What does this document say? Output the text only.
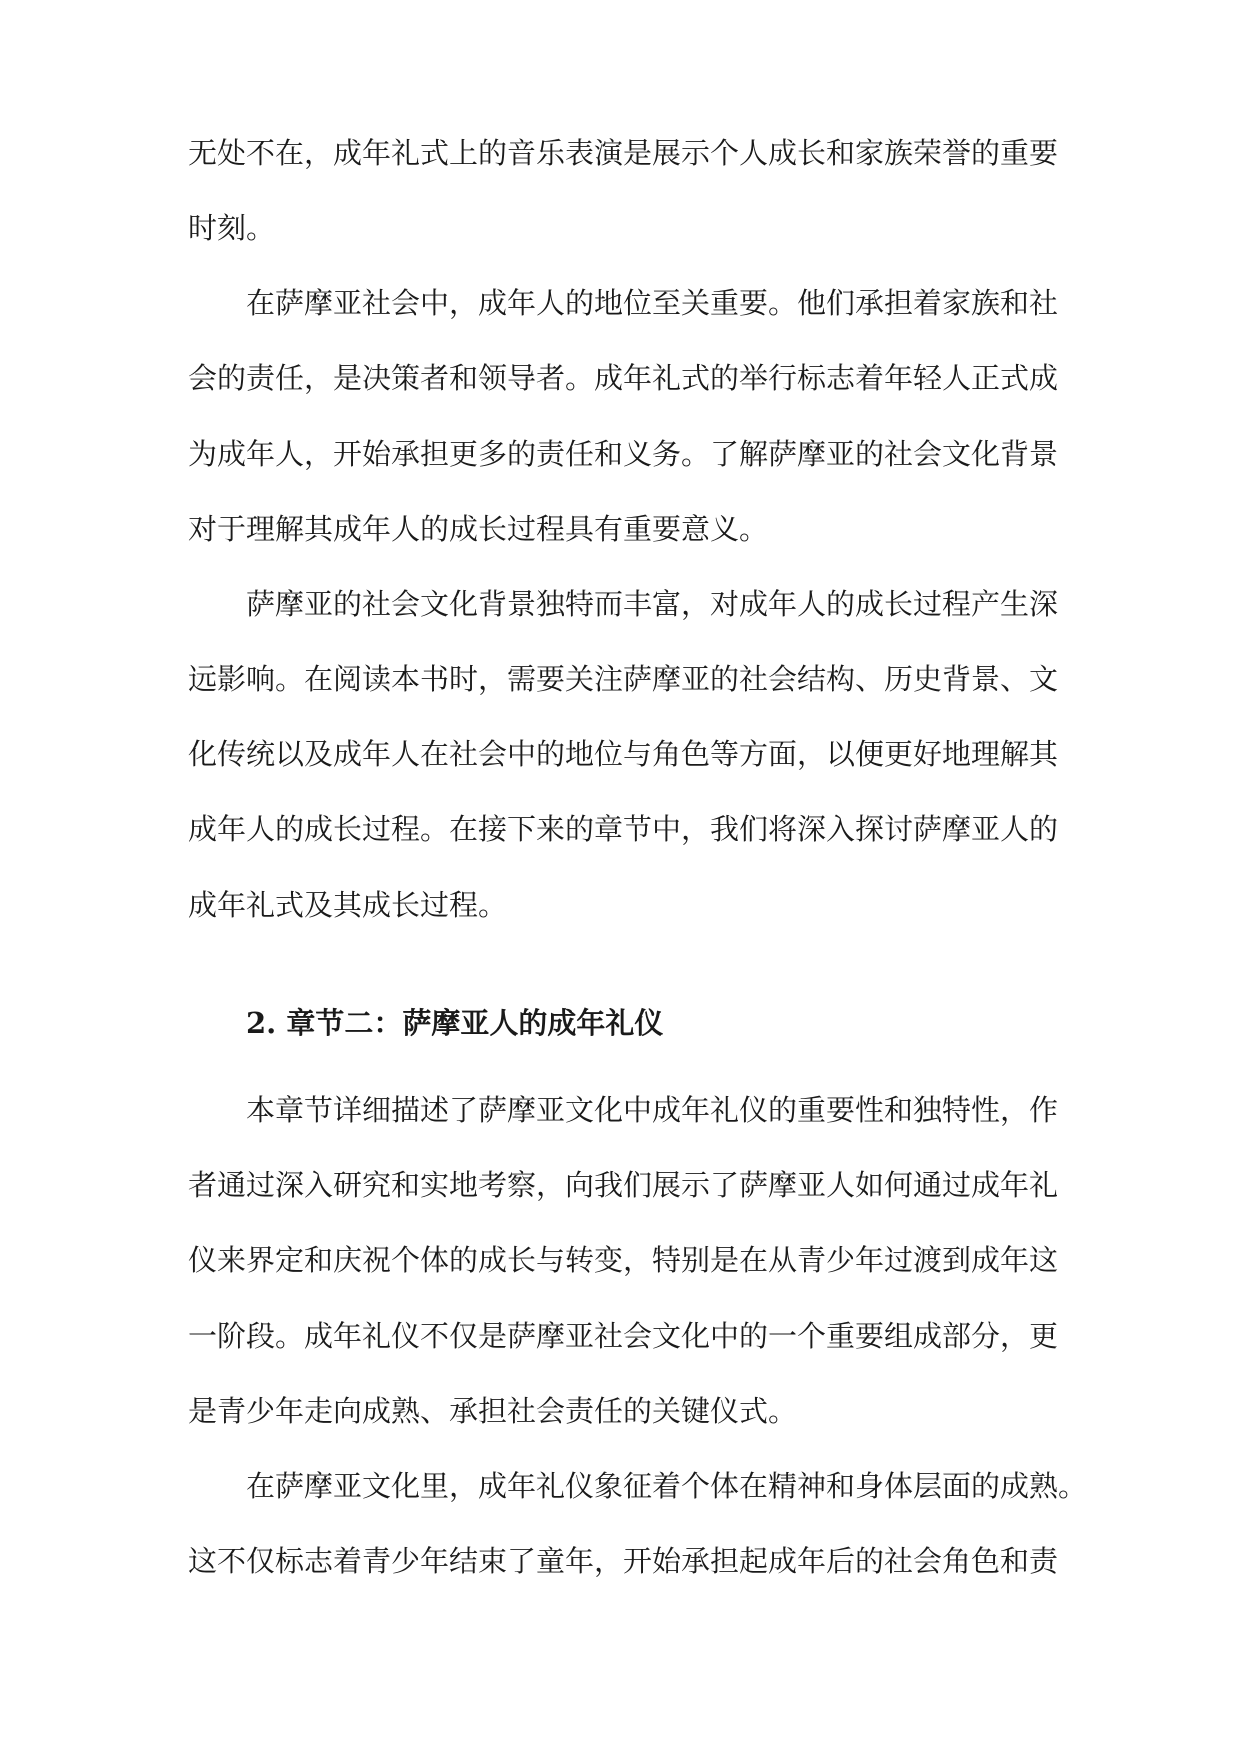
无处不在，成年礼式上的音乐表演是展示个人成长和家族荣誉的重要
时刻。
在萨摩亚社会中，成年人的地位至关重要。他们承担着家族和社
会的责任，是决策者和领导者。成年礼式的举行标志着年轻人正式成
为成年人，开始承担更多的责任和义务。了解萨摩亚的社会文化背景
对于理解其成年人的成长过程具有重要意义。
萨摩亚的社会文化背景独特而丰富，对成年人的成长过程产生深
远影响。在阅读本书时，需要关注萨摩亚的社会结构、历史背景、文
化传统以及成年人在社会中的地位与角色等方面，以便更好地理解其
成年人的成长过程。在接下来的章节中，我们将深入探讨萨摩亚人的
成年礼式及其成长过程。
2. 章节二：萨摩亚人的成年礼仪
本章节详细描述了萨摩亚文化中成年礼仪的重要性和独特性，作
者通过深入研究和实地考察，向我们展示了萨摩亚人如何通过成年礼
仪来界定和庆祝个体的成长与转变，特别是在从青少年过渡到成年这
一阶段。成年礼仪不仅是萨摩亚社会文化中的一个重要组成部分，更
是青少年走向成熟、承担社会责任的关键仪式。
在萨摩亚文化里，成年礼仪象征着个体在精神和身体层面的成熟。
这不仅标志着青少年结束了童年，开始承担起成年后的社会角色和责
